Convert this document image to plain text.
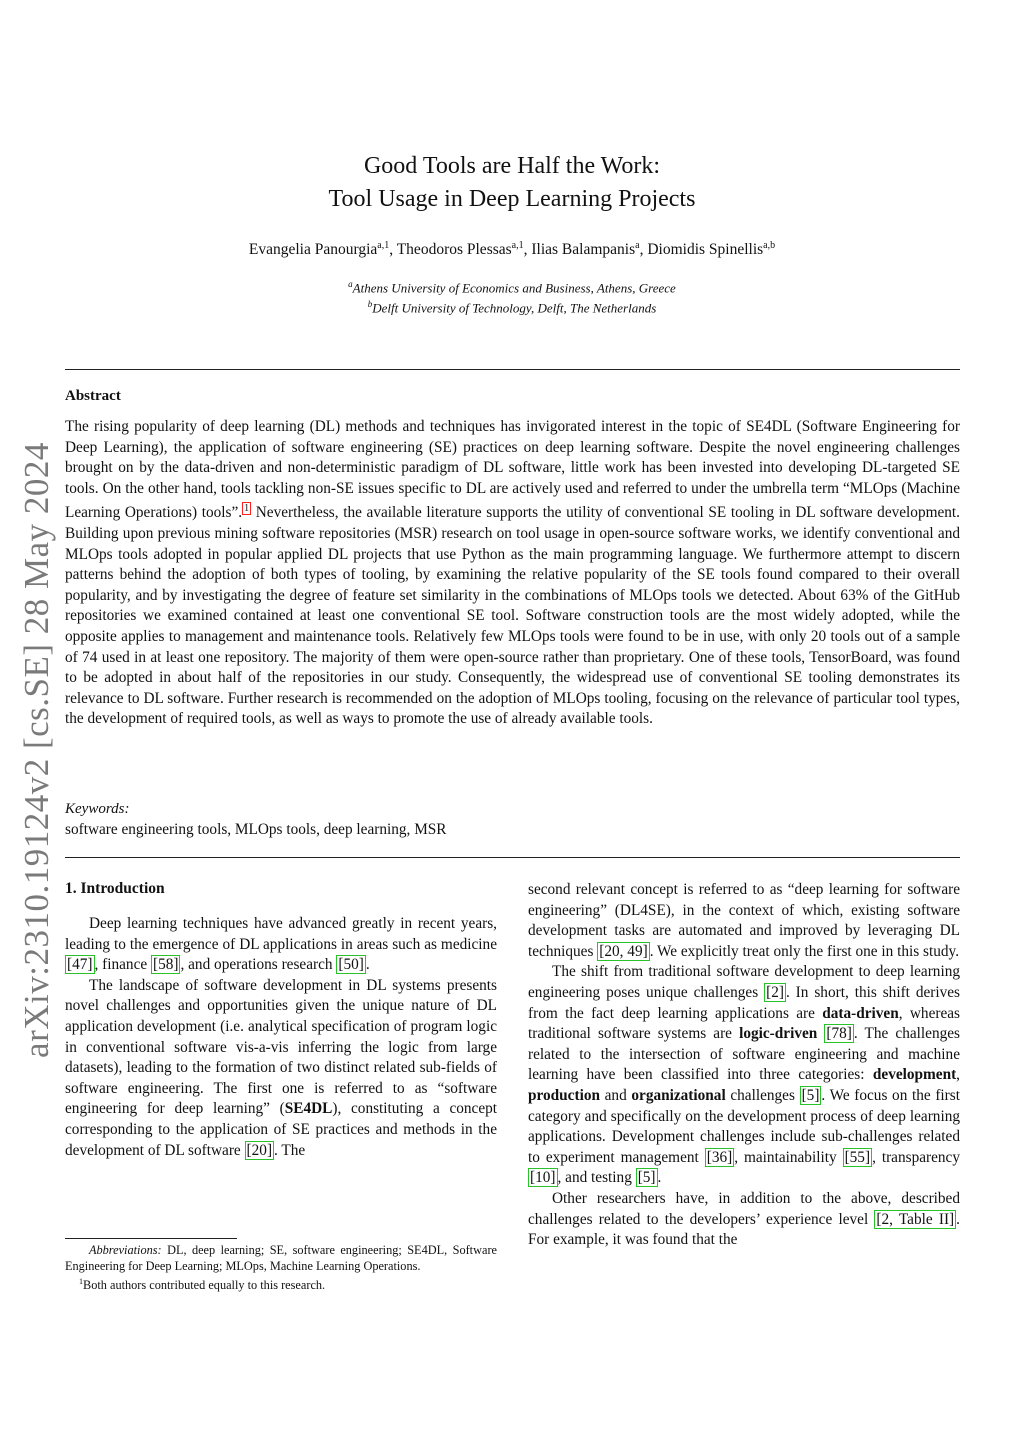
arXiv:2310.19124v2 [cs.SE] 28 May 2024
Good Tools are Half the Work:
Tool Usage in Deep Learning Projects
Evangelia Panourgia$^{a,1}$, Theodoros Plessas$^{a,1}$, Ilias Balampanis$^a$, Diomidis Spinellis$^{a,b}$
$^a$Athens University of Economics and Business, Athens, Greece
$^b$Delft University of Technology, Delft, The Netherlands
Abstract
The rising popularity of deep learning (DL) methods and techniques has invigorated interest in the topic of SE4DL (Software Engineering for Deep Learning), the application of software engineering (SE) practices on deep learning software. Despite the novel engineering challenges brought on by the data-driven and non-deterministic paradigm of DL software, little work has been invested into developing DL-targeted SE tools. On the other hand, tools tackling non-SE issues specific to DL are actively used and referred to under the umbrella term “MLOps (Machine Learning Operations) tools”. $^1$ Nevertheless, the available literature supports the utility of conventional SE tooling in DL software development. Building upon previous mining software repositories (MSR) research on tool usage in open-source software works, we identify conventional and MLOps tools adopted in popular applied DL projects that use Python as the main programming language. We furthermore attempt to discern patterns behind the adoption of both types of tooling, by examining the relative popularity of the SE tools found compared to their overall popularity, and by investigating the degree of feature set similarity in the combinations of MLOps tools we detected. About 63% of the GitHub repositories we examined contained at least one conventional SE tool. Software construction tools are the most widely adopted, while the opposite applies to management and maintenance tools. Relatively few MLOps tools were found to be in use, with only 20 tools out of a sample of 74 used in at least one repository. The majority of them were open-source rather than proprietary. One of these tools, TensorBoard, was found to be adopted in about half of the repositories in our study. Consequently, the widespread use of conventional SE tooling demonstrates its relevance to DL software. Further research is recommended on the adoption of MLOps tooling, focusing on the relevance of particular tool types, the development of required tools, as well as ways to promote the use of already available tools.
Keywords:
software engineering tools, MLOps tools, deep learning, MSR
1. Introduction

Deep learning techniques have advanced greatly in recent years, leading to the emergence of DL applications in areas such as medicine [47] , finance [58] , and operations research [50] .

The landscape of software development in DL systems presents novel challenges and opportunities given the unique nature of DL application development (i.e. analytical specification of program logic in conventional software vis-a-vis inferring the logic from large datasets), leading to the formation of two distinct related sub-fields of software engineering. The first one is referred to as “software engineering for deep learning” (SE4DL), constituting a concept corresponding to the application of SE practices and methods in the development of DL software [20] . The

second relevant concept is referred to as “deep learning for software engineering” (DL4SE), in the context of which, existing software development tasks are automated and improved by leveraging DL techniques [20, 49] . We explicitly treat only the first one in this study.

The shift from traditional software development to deep learning engineering poses unique challenges [2] . In short, this shift derives from the fact deep learning applications are data-driven, whereas traditional software systems are logic-driven [78] . The challenges related to the intersection of software engineering and machine learning have been classified into three categories: development, production and organizational challenges [5] . We focus on the first category and specifically on the development process of deep learning applications. Development challenges include sub-challenges related to experiment management [36] , maintainability [55] , transparency [10] , and testing [5] .

Other researchers have, in addition to the above, described challenges related to the developers’ experience level [2, Table II] . For example, it was found that the

Abbreviations: DL, deep learning; SE, software engineering; SE4DL, Software Engineering for Deep Learning; MLOps, Machine Learning Operations.

$^1$Both authors contributed equally to this research.
